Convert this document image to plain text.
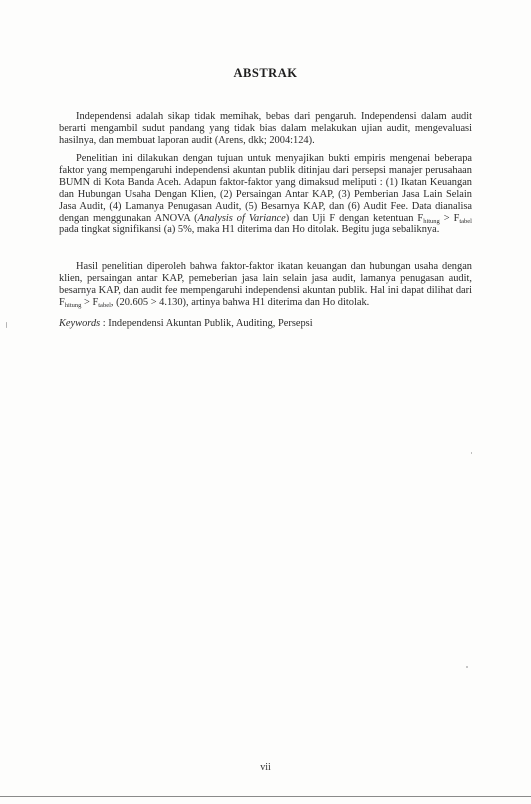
ABSTRAK

Independensi adalah sikap tidak memihak, bebas dari pengaruh. Independensi dalam audit berarti mengambil sudut pandang yang tidak bias dalam melakukan ujian audit, mengevaluasi hasilnya, dan membuat laporan audit (Arens, dkk; 2004:124).

Penelitian ini dilakukan dengan tujuan untuk menyajikan bukti empiris mengenai beberapa faktor yang mempengaruhi independensi akuntan publik ditinjau dari persepsi manajer perusahaan BUMN di Kota Banda Aceh. Adapun faktor-faktor yang dimaksud meliputi : (1) Ikatan Keuangan dan Hubungan Usaha Dengan Klien, (2) Persaingan Antar KAP, (3) Pemberian Jasa Lain Selain Jasa Audit, (4) Lamanya Penugasan Audit, (5) Besarnya KAP, dan (6) Audit Fee. Data dianalisa dengan menggunakan ANOVA (Analysis of Variance) dan Uji F dengan ketentuan $F_{hitung} > F_{tabel}$ pada tingkat signifikansi (a) 5%, maka H1 diterima dan Ho ditolak. Begitu juga sebaliknya.

Hasil penelitian diperoleh bahwa faktor-faktor ikatan keuangan dan hubungan usaha dengan klien, persaingan antar KAP, pemeberian jasa lain selain jasa audit, lamanya penugasan audit, besarnya KAP, dan audit fee mempengaruhi independensi akuntan publik. Hal ini dapat dilihat dari $F_{hitung} > F_{tabel}$, (20.605 > 4.130), artinya bahwa H1 diterima dan Ho ditolak.

Keywords : Independensi Akuntan Publik, Auditing, Persepsi
vii
